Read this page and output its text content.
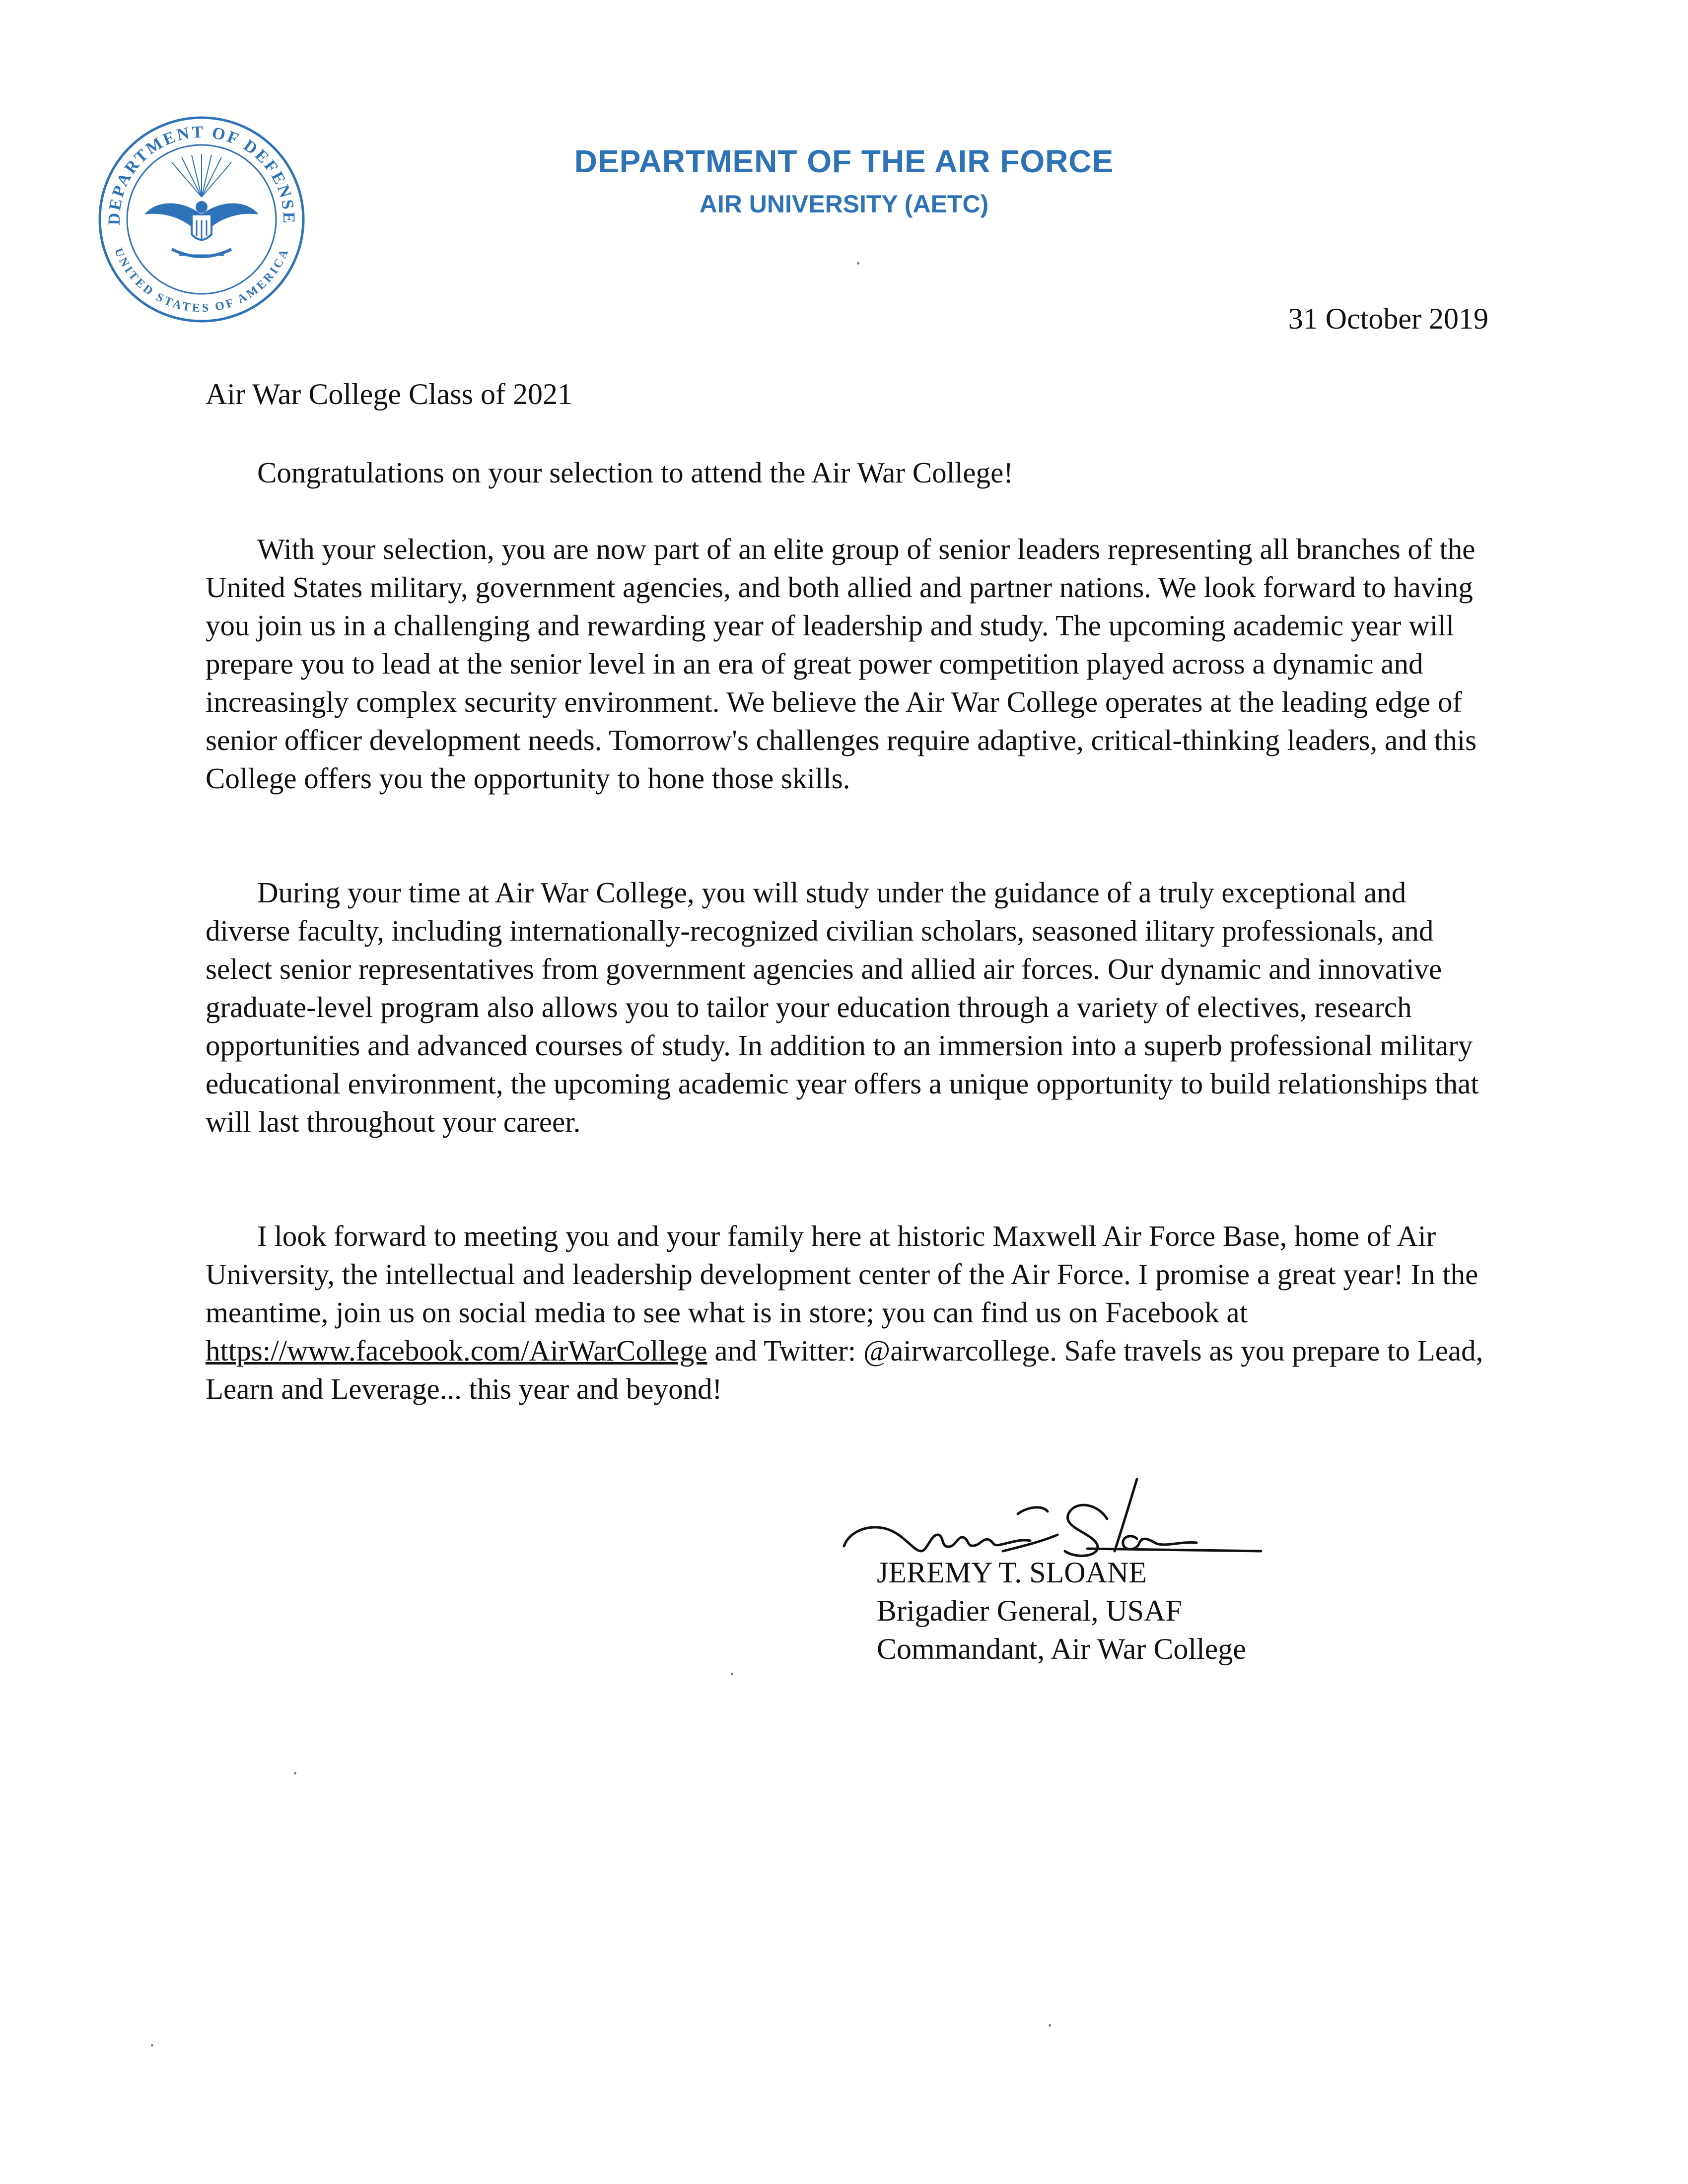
DEPARTMENT OF DEFENSE
UNITED STATES OF AMERICA
DEPARTMENT OF THE AIR FORCE
AIR UNIVERSITY (AETC)
31 October 2019
Air War College Class of 2021

Congratulations on your selection to attend the Air War College!

With your selection, you are now part of an elite group of senior leaders representing all branches of the United States military, government agencies, and both allied and partner nations. We look forward to having you join us in a challenging and rewarding year of leadership and study. The upcoming academic year will prepare you to lead at the senior level in an era of great power competition played across a dynamic and increasingly complex security environment. We believe the Air War College operates at the leading edge of senior officer development needs. Tomorrow's challenges require adaptive, critical-thinking leaders, and this College offers you the opportunity to hone those skills.

During your time at Air War College, you will study under the guidance of a truly exceptional and diverse faculty, including internationally-recognized civilian scholars, seasoned ilitary professionals, and select senior representatives from government agencies and allied air forces. Our dynamic and innovative graduate-level program also allows you to tailor your education through a variety of electives, research opportunities and advanced courses of study. In addition to an immersion into a superb professional military educational environment, the upcoming academic year offers a unique opportunity to build relationships that will last throughout your career.

I look forward to meeting you and your family here at historic Maxwell Air Force Base, home of Air University, the intellectual and leadership development center of the Air Force. I promise a great year! In the meantime, join us on social media to see what is in store; you can find us on Facebook at https://www.facebook.com/AirWarCollege and Twitter: @airwarcollege. Safe travels as you prepare to Lead, Learn and Leverage... this year and beyond!

JEREMY T. SLOANE
Brigadier General, USAF
Commandant, Air War College
